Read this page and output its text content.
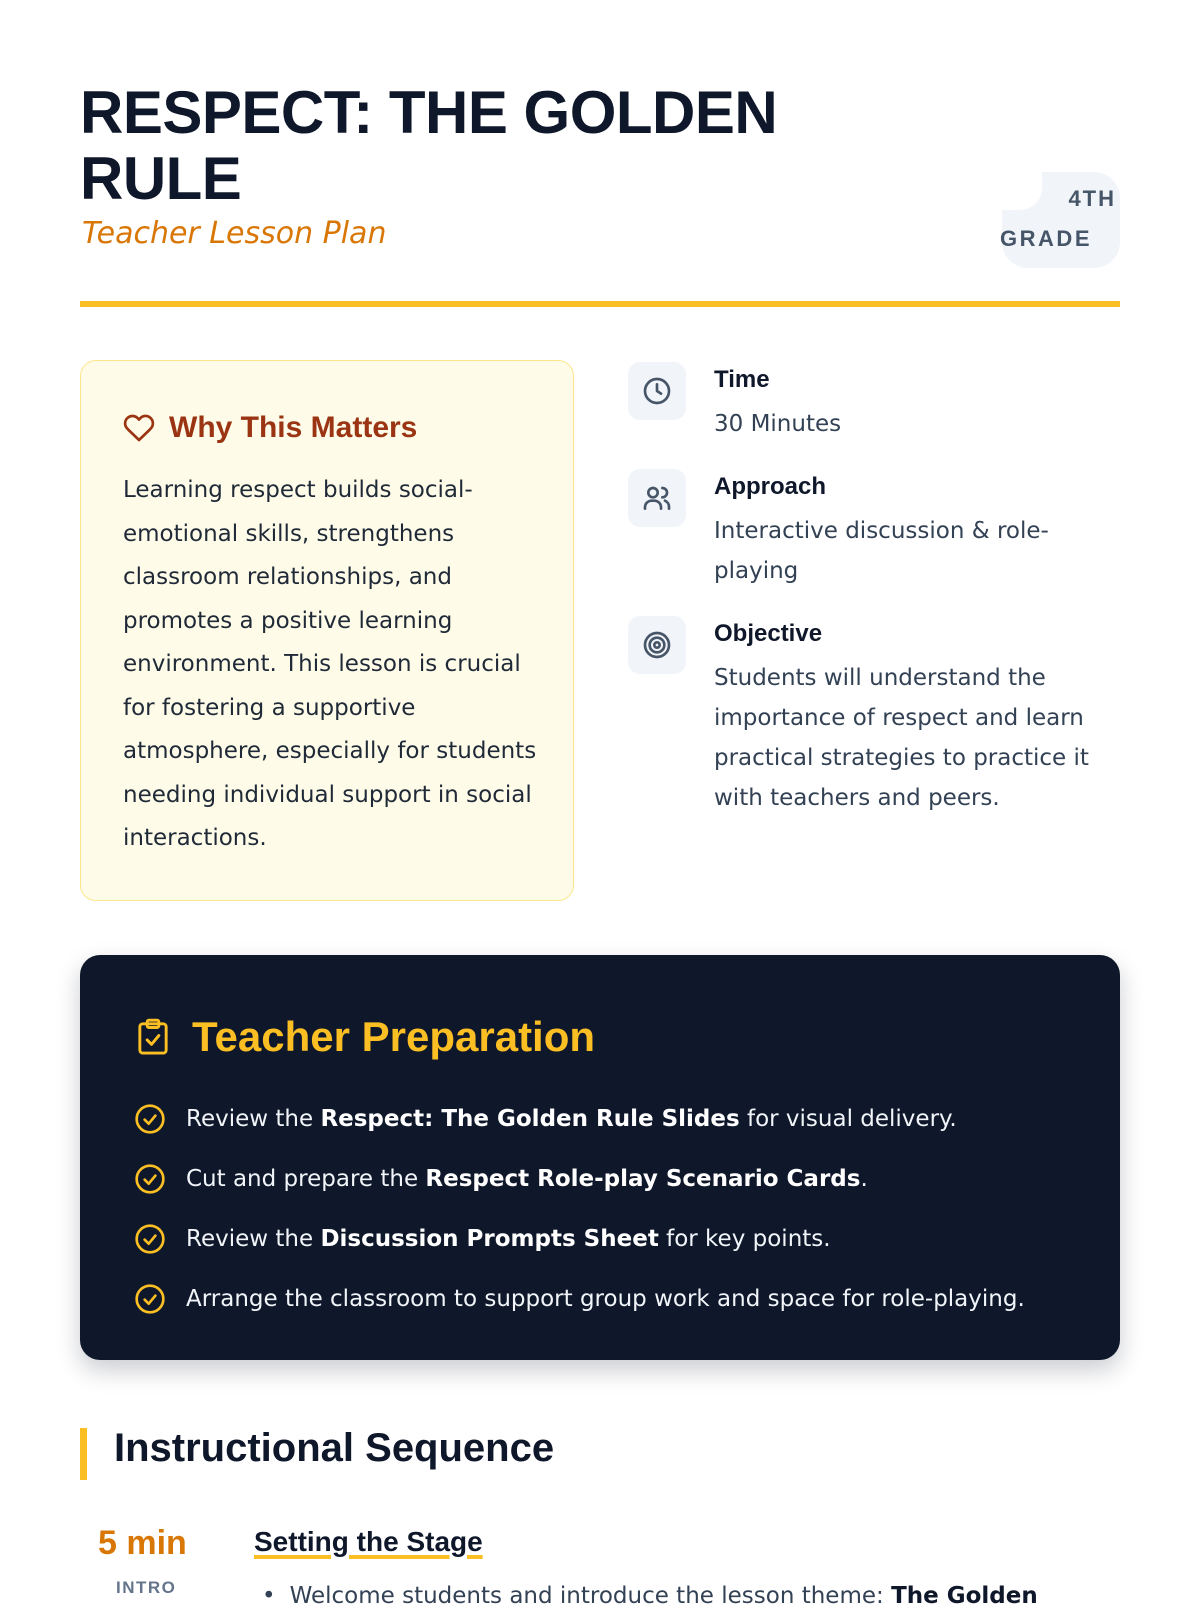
RESPECT: THE GOLDEN RULE

Teacher Lesson Plan

4TH
GRADE
Why This Matters
Learning respect builds social-emotional skills, strengthens classroom relationships, and promotes a positive learning environment. This lesson is crucial for fostering a supportive atmosphere, especially for students needing individual support in social interactions.
Time
30 Minutes
Approach
Interactive discussion & role-playing
Objective
Students will understand the importance of respect and learn practical strategies to practice it with teachers and peers.
Teacher Preparation
Review the Respect: The Golden Rule Slides for visual delivery.
Cut and prepare the Respect Role-play Scenario Cards.
Review the Discussion Prompts Sheet for key points.
Arrange the classroom to support group work and space for role-playing.
Instructional Sequence
5 min
INTRO
Setting the Stage
• Welcome students and introduce the lesson theme: The Golden
